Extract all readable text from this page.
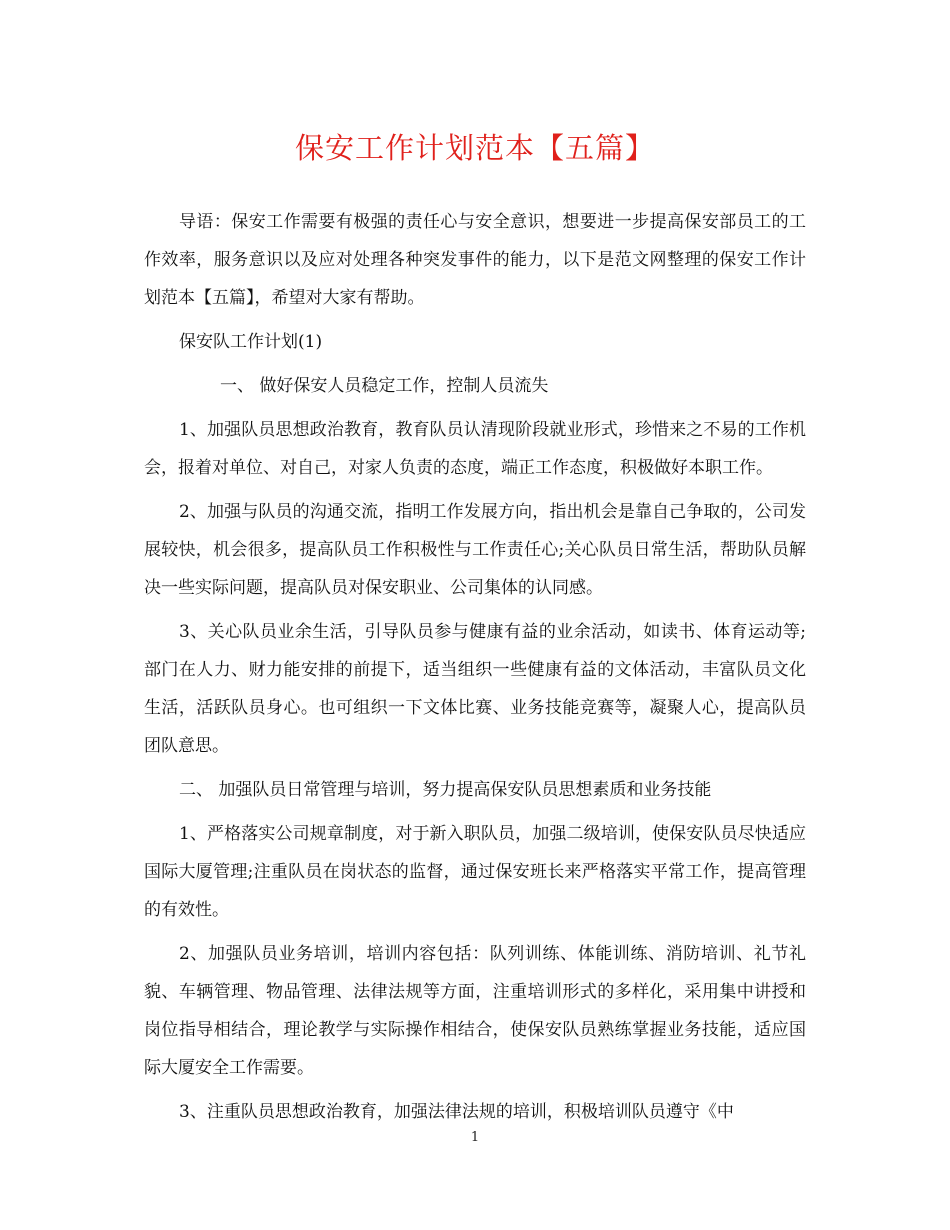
保安工作计划范本【五篇】

导语：保安工作需要有极强的责任心与安全意识，想要进一步提高保安部员工的工作效率，服务意识以及应对处理各种突发事件的能力，以下是范文网整理的保安工作计划范本【五篇】，希望对大家有帮助。

保安队工作计划(1)

一、 做好保安人员稳定工作，控制人员流失

1、加强队员思想政治教育，教育队员认清现阶段就业形式，珍惜来之不易的工作机会，报着对单位、对自己，对家人负责的态度，端正工作态度，积极做好本职工作。

2、加强与队员的沟通交流，指明工作发展方向，指出机会是靠自己争取的，公司发展较快，机会很多，提高队员工作积极性与工作责任心;关心队员日常生活，帮助队员解决一些实际问题，提高队员对保安职业、公司集体的认同感。

3、关心队员业余生活，引导队员参与健康有益的业余活动，如读书、体育运动等;部门在人力、财力能安排的前提下，适当组织一些健康有益的文体活动，丰富队员文化生活，活跃队员身心。也可组织一下文体比赛、业务技能竞赛等，凝聚人心，提高队员团队意思。

二、 加强队员日常管理与培训，努力提高保安队员思想素质和业务技能

1、严格落实公司规章制度，对于新入职队员，加强二级培训，使保安队员尽快适应国际大厦管理;注重队员在岗状态的监督，通过保安班长来严格落实平常工作，提高管理的有效性。

2、加强队员业务培训，培训内容包括：队列训练、体能训练、消防培训、礼节礼貌、车辆管理、物品管理、法律法规等方面，注重培训形式的多样化，采用集中讲授和岗位指导相结合，理论教学与实际操作相结合，使保安队员熟练掌握业务技能，适应国际大厦安全工作需要。

3、注重队员思想政治教育，加强法律法规的培训，积极培训队员遵守《中

1
